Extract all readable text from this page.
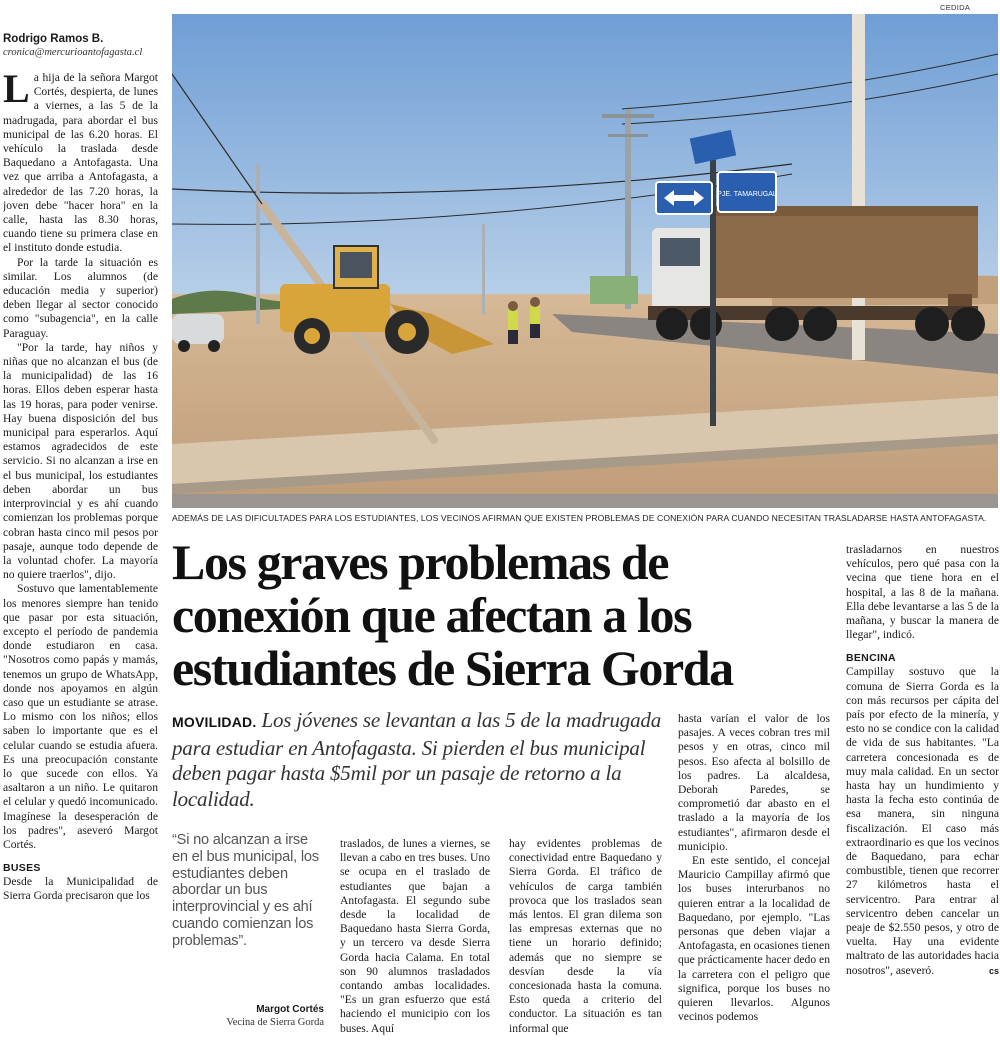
Rodrigo Ramos B.
cronica@mercurioantofagasta.cl

La hija de la señora Margot Cortés, despierta, de lunes a viernes, a las 5 de la madrugada, para abordar el bus municipal de las 6.20 horas. El vehículo la traslada desde Baquedano a Antofagasta. Una vez que arriba a Antofagasta, a alrededor de las 7.20 horas, la joven debe "hacer hora" en la calle, hasta las 8.30 horas, cuando tiene su primera clase en el instituto donde estudia.

Por la tarde la situación es similar. Los alumnos (de educación media y superior) deben llegar al sector conocido como "subagencia", en la calle Paraguay.

"Por la tarde, hay niños y niñas que no alcanzan el bus (de la municipalidad) de las 16 horas. Ellos deben esperar hasta las 19 horas, para poder venirse. Hay buena disposición del bus municipal para esperarlos. Aquí estamos agradecidos de este servicio. Si no alcanzan a irse en el bus municipal, los estudiantes deben abordar un bus interprovincial y es ahí cuando comienzan los problemas porque cobran hasta cinco mil pesos por pasaje, aunque todo depende de la voluntad chofer. La mayoría no quiere traerlos", dijo.

Sostuvo que lamentablemente los menores siempre han tenido que pasar por esta situación, excepto el período de pandemia donde estudiaron en casa. "Nosotros como papás y mamás, tenemos un grupo de WhatsApp, donde nos apoyamos en algún caso que un estudiante se atrase. Lo mismo con los niños; ellos saben lo importante que es el celular cuando se estudia afuera. Es una preocupación constante lo que sucede con ellos. Ya asaltaron a un niño. Le quitaron el celular y quedó incomunicado. Imagínese la desesperación de los padres", aseveró Margot Cortés.

BUSES

Desde la Municipalidad de Sierra Gorda precisaron que los

CEDIDA
PJE. TAMARUGAL
ADEMÁS DE LAS DIFICULTADES PARA LOS ESTUDIANTES, LOS VECINOS AFIRMAN QUE EXISTEN PROBLEMAS DE CONEXIÓN PARA CUANDO NECESITAN TRASLADARSE HASTA ANTOFAGASTA.
Los graves problemas de conexión que afectan a los estudiantes de Sierra Gorda
MOVILIDAD. Los jóvenes se levantan a las 5 de la madrugada para estudiar en Antofagasta. Si pierden el bus municipal deben pagar hasta $5mil por un pasaje de retorno a la localidad.
“Si no alcanzan a irse en el bus municipal, los estudiantes deben abordar un bus interprovincial y es ahí cuando comienzan los problemas”.
Margot Cortés
Vecina de Sierra Gorda

traslados, de lunes a viernes, se llevan a cabo en tres buses. Uno se ocupa en el traslado de estudiantes que bajan a Antofagasta. El segundo sube desde la localidad de Baquedano hasta Sierra Gorda, y un tercero va desde Sierra Gorda hacia Calama. En total son 90 alumnos trasladados contando ambas localidades. "Es un gran esfuerzo que está haciendo el municipio con los buses. Aquí

hay evidentes problemas de conectividad entre Baquedano y Sierra Gorda. El tráfico de vehículos de carga también provoca que los traslados sean más lentos. El gran dilema son las empresas externas que no tiene un horario definido; además que no siempre se desvían desde la vía concesionada hasta la comuna. Esto queda a criterio del conductor. La situación es tan informal que

hasta varían el valor de los pasajes. A veces cobran tres mil pesos y en otras, cinco mil pesos. Eso afecta al bolsillo de los padres. La alcaldesa, Deborah Paredes, se comprometió dar abasto en el traslado a la mayoría de los estudiantes", afirmaron desde el municipio.

En este sentido, el concejal Mauricio Campillay afirmó que los buses interurbanos no quieren entrar a la localidad de Baquedano, por ejemplo. "Las personas que deben viajar a Antofagasta, en ocasiones tienen que prácticamente hacer dedo en la carretera con el peligro que significa, porque los buses no quieren llevarlos. Algunos vecinos podemos

trasladarnos en nuestros vehículos, pero qué pasa con la vecina que tiene hora en el hospital, a las 8 de la mañana. Ella debe levantarse a las 5 de la mañana, y buscar la manera de llegar", indicó.

BENCINA

Campillay sostuvo que la comuna de Sierra Gorda es la con más recursos per cápita del país por efecto de la minería, y esto no se condice con la calidad de vida de sus habitantes. "La carretera concesionada es de muy mala calidad. En un sector hasta hay un hundimiento y hasta la fecha esto continúa de esa manera, sin ninguna fiscalización. El caso más extraordinario es que los vecinos de Baquedano, para echar combustible, tienen que recorrer 27 kilómetros hasta el servicentro. Para entrar al servicentro deben cancelar un peaje de $2.550 pesos, y otro de vuelta. Hay una evidente maltrato de las autoridades hacia nosotros", aseveró.	cs
